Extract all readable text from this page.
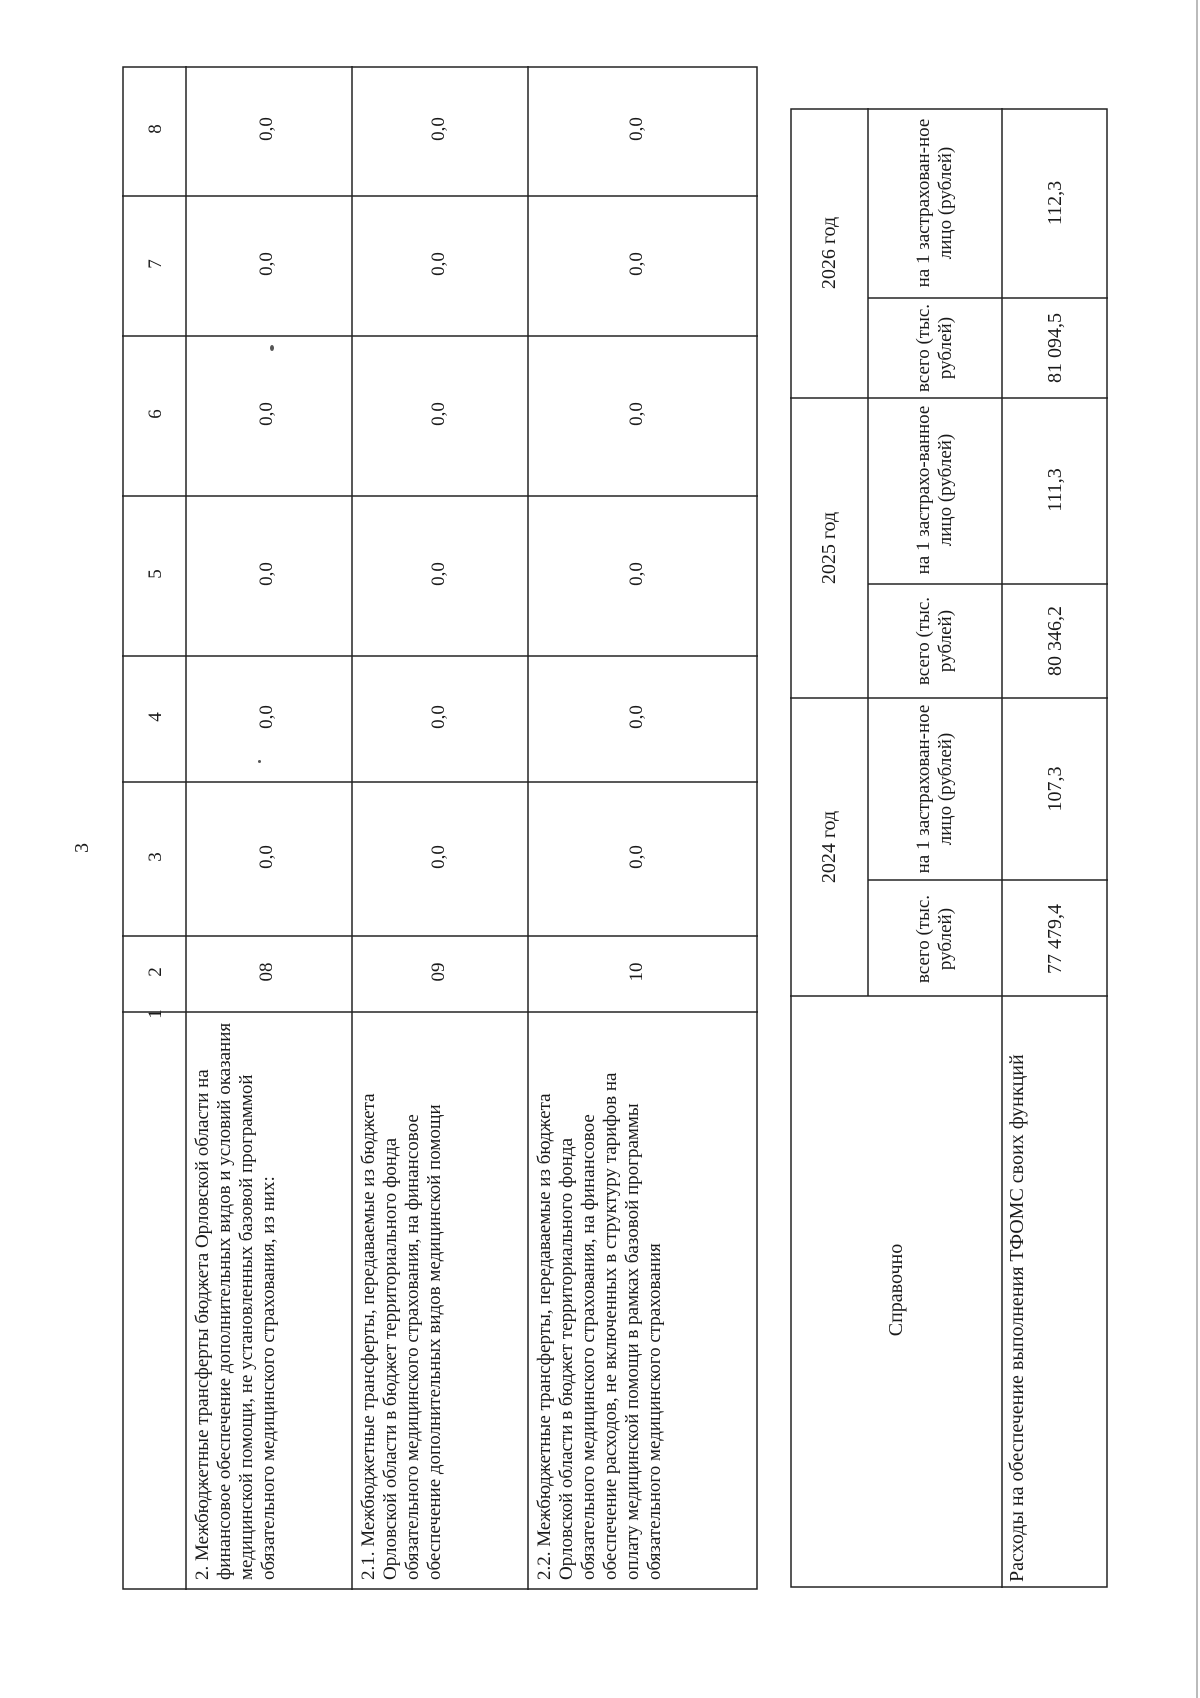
3
1
2
3
4
5
6
7
8
2. Межбюджетные трансферты бюджета Орловской области на финансовое обеспечение дополнительных видов и условий оказания медицинской помощи, не установленных базовой программой обязательного медицинского страхования, из них:
08
0,0
0,0
0,0
0,0
0,0
0,0
2.1. Межбюджетные трансферты, передаваемые из бюджета Орловской области в бюджет территориального фонда обязательного медицинского страхования, на финансовое обеспечение дополнительных видов медицинской помощи
09
0,0
0,0
0,0
0,0
0,0
0,0
2.2. Межбюджетные трансферты, передаваемые из бюджета Орловской области в бюджет территориального фонда обязательного медицинского страхования, на финансовое обеспечение расходов, не включенных в структуру тарифов на оплату медицинской помощи в рамках базовой программы обязательного медицинского страхования
10
0,0
0,0
0,0
0,0
0,0
0,0
Справочно
2024 год
2025 год
2026 год
всего (тыс. рублей)
на 1 застрахован-ное лицо (рублей)
всего (тыс. рублей)
на 1 застрахо-ванное лицо (рублей)
всего (тыс. рублей)
на 1 застрахован-ное лицо (рублей)
Расходы на обеспечение выполнения ТФОМС своих функций
77 479,4
107,3
80 346,2
111,3
81 094,5
112,3
